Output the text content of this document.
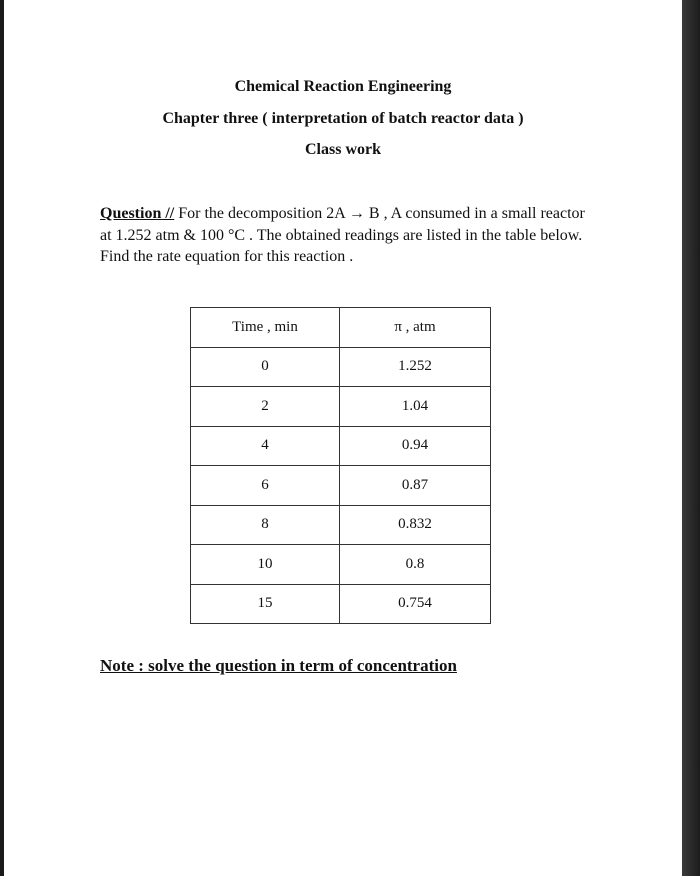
Chemical Reaction Engineering
Chapter three ( interpretation of batch reactor data )
Class work
Question // For the decomposition 2A → B , A consumed in a small reactor at 1.252 atm & 100 °C . The obtained readings are listed in the table below. Find the rate equation for this reaction .
Time , min	π , atm
0	1.252
2	1.04
4	0.94
6	0.87
8	0.832
10	0.8
15	0.754
Note : solve the question in term of concentration
